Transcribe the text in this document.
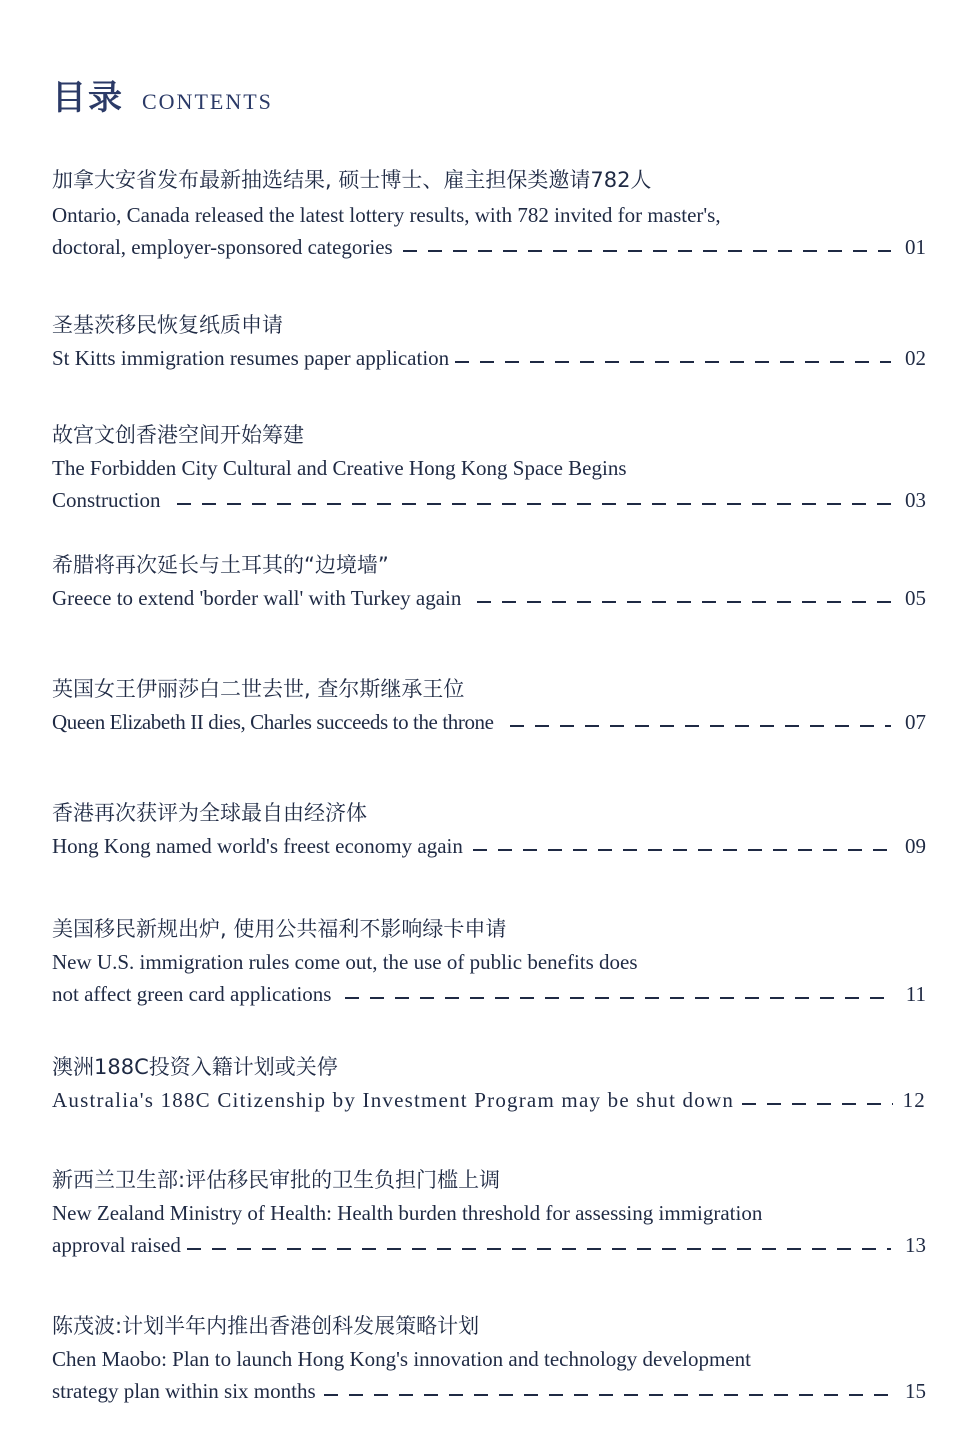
目录 CONTENTS
加拿大安省发布最新抽选结果, 硕士博士、雇主担保类邀请782人
Ontario, Canada released the latest lottery results, with 782 invited for master's,
doctoral, employer-sponsored categories	01
圣基茨移民恢复纸质申请
St Kitts immigration resumes paper application	02
故宫文创香港空间开始筹建
The Forbidden City Cultural and Creative Hong Kong Space Begins
Construction	03
希腊将再次延长与土耳其的“边境墙”
Greece to extend 'border wall' with Turkey again	05
英国女王伊丽莎白二世去世, 查尔斯继承王位
Queen Elizabeth II dies, Charles succeeds to the throne	07
香港再次获评为全球最自由经济体
Hong Kong named world's freest economy again	09
美国移民新规出炉, 使用公共福利不影响绿卡申请
New U.S. immigration rules come out, the use of public benefits does
not affect green card applications	11
澳洲188C投资入籍计划或关停
Australia's 188C Citizenship by Investment Program may be shut down	12
新西兰卫生部:评估移民审批的卫生负担门槛上调
New Zealand Ministry of Health: Health burden threshold for assessing immigration
approval raised	13
陈茂波:计划半年内推出香港创科发展策略计划
Chen Maobo: Plan to launch Hong Kong's innovation and technology development
strategy plan within six months	15
